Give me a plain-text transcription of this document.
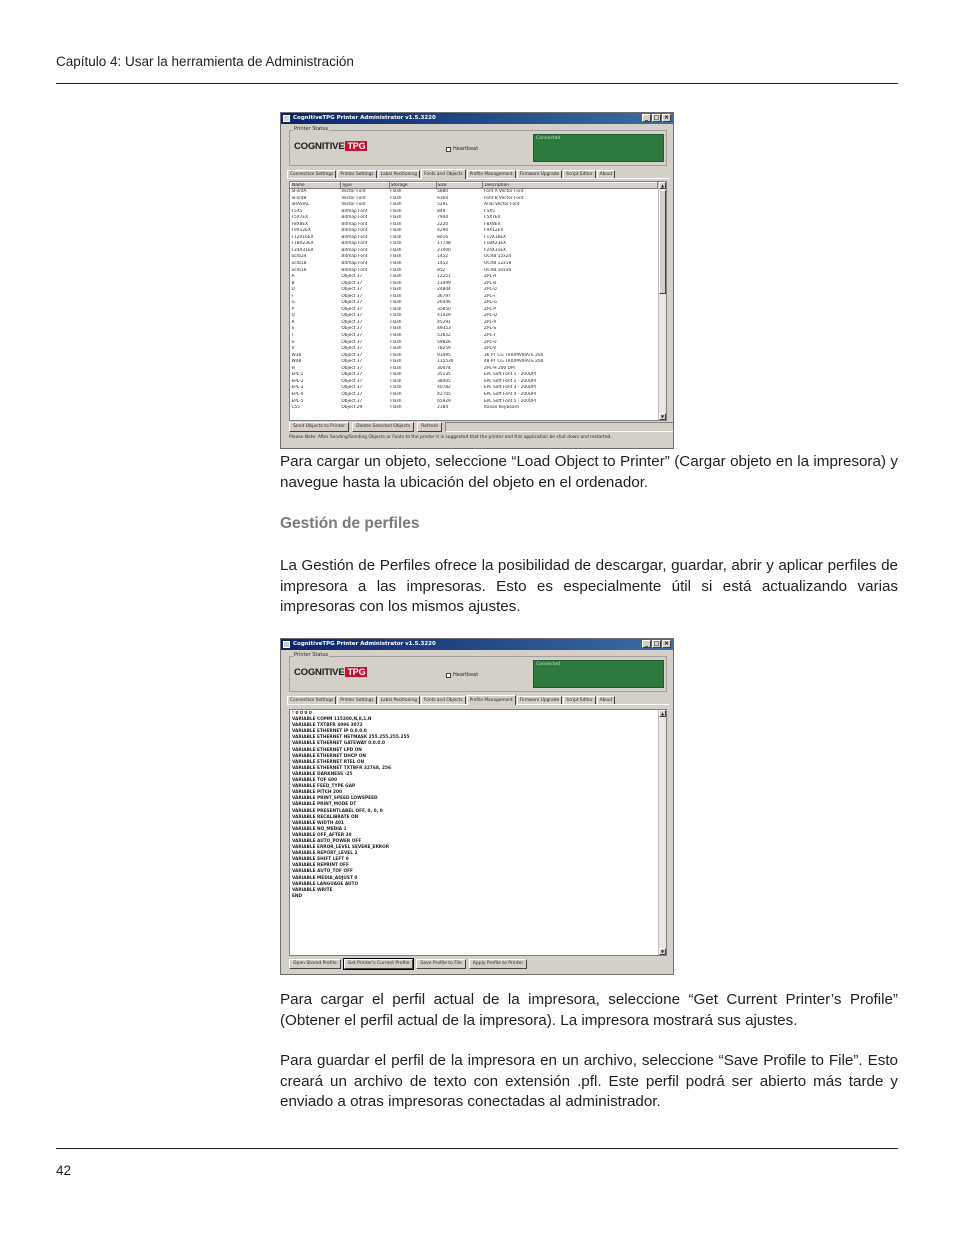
Capítulo 4: Usar la herramienta de Administración
CognitiveTPG Printer Administrator v1.5.3220	_ □ ×
Printer Status
COGNITIVE TPG	Heartbeat
Connected
Connection Settings	Printer Settings	Label Positioning	Fonts and Objects	Profile Management	Firmware Upgrade	Script Editor	About
Name	Type	Storage	Size	Description
aFontA	Vector Font	Flash	5880	Font A Vector Font
aFontB	Vector Font	Flash	6364	Font B Vector Font
aRASIAL	Vector Font	Flash	5291	Arial Vector Font
F5X5	Bitmap Font	Flash	849	F5X5
F5X7EX	Bitmap Font	Flash	7944	F5X7EX
F8X8EX	Bitmap Font	Flash	2220	F8X8EX
F9X12EX	Bitmap Font	Flash	4290	F9X12EX
F12X16EX	Bitmap Font	Flash	8016	F12X16EX
F18X23EX	Bitmap Font	Flash	17748	F18X23EX
F24X31EX	Bitmap Font	Flash	27000	F24X31EX
ocrb24	Bitmap Font	Flash	1452	OCRB 15x24
ocrb18	Bitmap Font	Flash	1452	OCRB 12x18
ocrb16	Bitmap Font	Flash	852	OCRB 10x16
A	Object 37	Flash	12251	ZPL-A
B	Object 37	Flash	13499	ZPL-B
D	Object 37	Flash	24844	ZPL-D
F	Object 37	Flash	36797	ZPL-F
G	Object 37	Flash	26446	ZPL-G
P	Object 37	Flash	35850	ZPL-P
Q	Object 37	Flash	41429	ZPL-Q
R	Object 37	Flash	45291	ZPL-R
S	Object 37	Flash	49353	ZPL-S
T	Object 37	Flash	53652	ZPL-T
U	Object 37	Flash	59826	ZPL-U
V	Object 37	Flash	78259	ZPL-V
W36	Object 37	Flash	93495	36 PT CG TRIUMVIRATE 200
W48	Object 37	Flash	115530	48 PT CG TRIUMVIRATE 200
H	Object 37	Flash	30474	ZPL-H 200 DPI
EPL-1	Object 37	Flash	35135	EPL Soft Font 1 - 200DPI
EPL-2	Object 37	Flash	38405	EPL Soft Font 2 - 200DPI
EPL-3	Object 37	Flash	40782	EPL Soft Font 3 - 200DPI
EPL-4	Object 37	Flash	42705	EPL Soft Font 4 - 200DPI
EPL-5	Object 37	Flash	65929	EPL Soft Font 5 - 200DPI
C55	Object 29	Flash	2184	Italian Keyboard
▲
▼
Send Objects to Printer	Delete Selected Objects	Refresh
Please Note: After Sending/Sending Objects or Fonts to the printer it is suggested that the printer and this application be shut down and restarted.
Para cargar un objeto, seleccione “Load Object to Printer” (Cargar objeto en la impresora) y navegue hasta la ubicación del objeto en el ordenador.
Gestión de perfiles
La Gestión de Perfiles ofrece la posibilidad de descargar, guardar, abrir y aplicar perfiles de impresora a las impresoras. Esto es especialmente útil si está actualizando varias impresoras con los mismos ajustes.
CognitiveTPG Printer Administrator v1.5.3220	_ □ ×
Printer Status
COGNITIVE TPG	Heartbeat
Connected
Connection Settings	Printer Settings	Label Positioning	Fonts and Objects	Profile Management	Firmware Upgrade	Script Editor	About
! 0 0 0 0
VARIABLE COMM 115200,N,8,1,N
VARIABLE TXTBFR 4096 3072
VARIABLE ETHERNET IP 0.0.0.0
VARIABLE ETHERNET NETMASK 255.255.255.255
VARIABLE ETHERNET GATEWAY 0.0.0.0
VARIABLE ETHERNET LPD ON
VARIABLE ETHERNET DHCP ON
VARIABLE ETHERNET RTEL ON
VARIABLE ETHERNET TXTBFR 32768, 256
VARIABLE DARKNESS -25
VARIABLE TOF 600
VARIABLE FEED_TYPE GAP
VARIABLE PITCH 200
VARIABLE PRINT_SPEED LOWSPEED
VARIABLE PRINT_MODE DT
VARIABLE PRESENTLABEL OFF, 0, 0, 0
VARIABLE RECALIBRATE ON
VARIABLE WIDTH 401
VARIABLE NO_MEDIA 1
VARIABLE OFF_AFTER 30
VARIABLE AUTO_POWER OFF
VARIABLE ERROR_LEVEL SEVERE_ERROR
VARIABLE REPORT_LEVEL 2
VARIABLE SHIFT LEFT 0
VARIABLE REPRINT OFF
VARIABLE AUTO_TOF OFF
VARIABLE MEDIA_ADJUST 0
VARIABLE LANGUAGE AUTO
VARIABLE WRITE
END
▲
▼
Open Stored Profile	Get Printer's Current Profile	Save Profile to File	Apply Profile to Printer
Para cargar el perfil actual de la impresora, seleccione “Get Current Printer’s Profile” (Obtener el perfil actual de la impresora). La impresora mostrará sus ajustes.
Para guardar el perfil de la impresora en un archivo, seleccione “Save Profile to File”. Esto creará un archivo de texto con extensión .pfl. Este perfil podrá ser abierto más tarde y enviado a otras impresoras conectadas al administrador.
42
